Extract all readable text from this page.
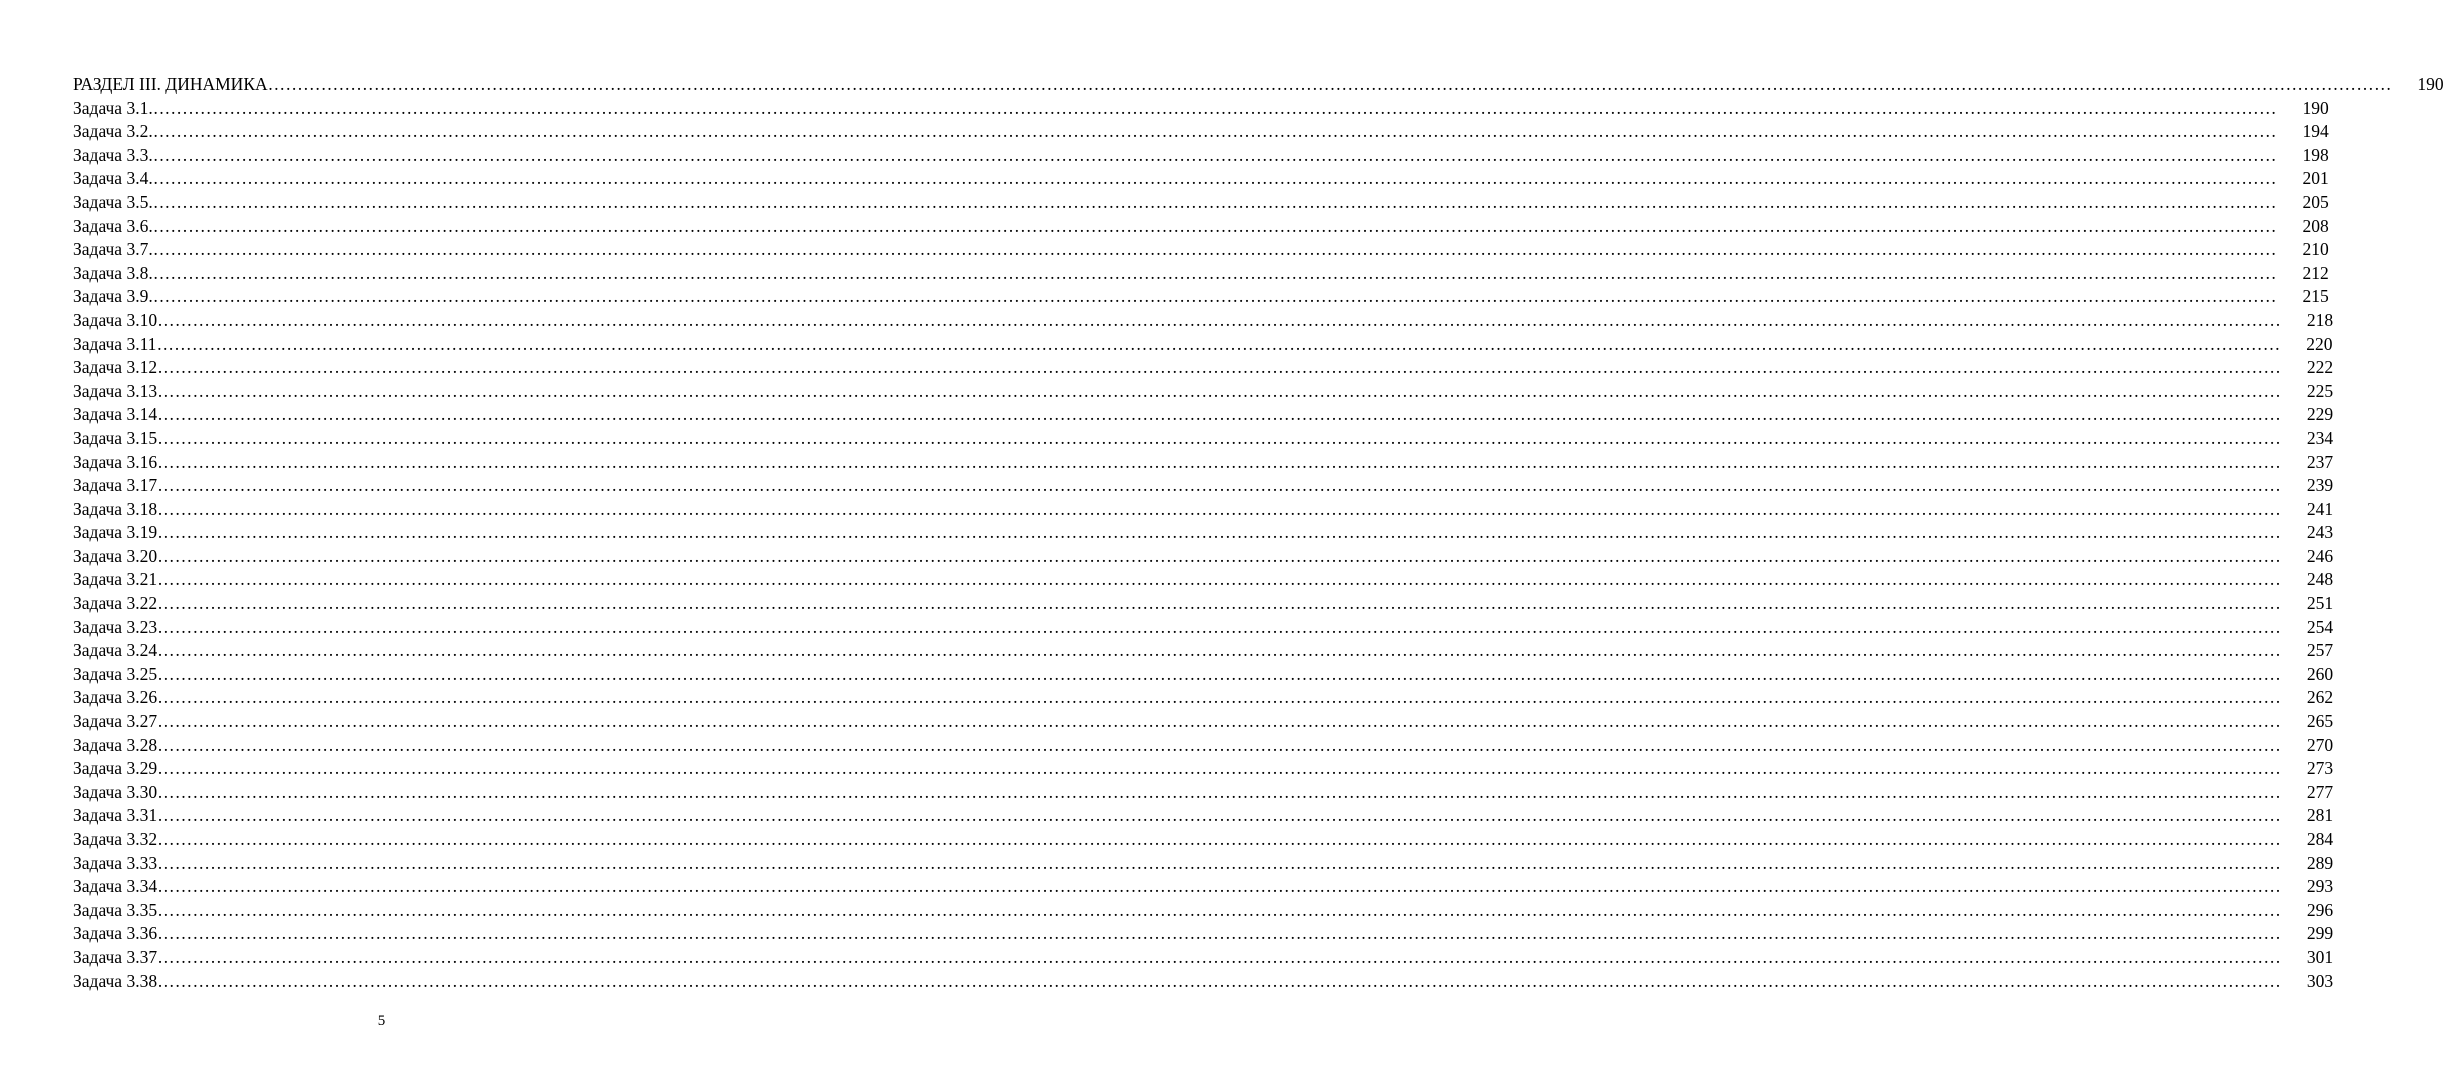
РАЗДЕЛ III. ДИНАМИКА ………………………………………………………………………………………………………………………………………………………………………………………………………………………………………………………………………………………………………………………………	190
Задача 3.1. ………………………………………………………………………………………………………………………………………………………………………………………………………………………………………………………………………………………………………………………………	190
Задача 3.2. ………………………………………………………………………………………………………………………………………………………………………………………………………………………………………………………………………………………………………………………………	194
Задача 3.3. ………………………………………………………………………………………………………………………………………………………………………………………………………………………………………………………………………………………………………………………………	198
Задача 3.4. ………………………………………………………………………………………………………………………………………………………………………………………………………………………………………………………………………………………………………………………………	201
Задача 3.5. ………………………………………………………………………………………………………………………………………………………………………………………………………………………………………………………………………………………………………………………………	205
Задача 3.6. ………………………………………………………………………………………………………………………………………………………………………………………………………………………………………………………………………………………………………………………………	208
Задача 3.7. ………………………………………………………………………………………………………………………………………………………………………………………………………………………………………………………………………………………………………………………………	210
Задача 3.8. ………………………………………………………………………………………………………………………………………………………………………………………………………………………………………………………………………………………………………………………………	212
Задача 3.9. ………………………………………………………………………………………………………………………………………………………………………………………………………………………………………………………………………………………………………………………………	215
Задача 3.10 ………………………………………………………………………………………………………………………………………………………………………………………………………………………………………………………………………………………………………………………………	218
Задача 3.11 ………………………………………………………………………………………………………………………………………………………………………………………………………………………………………………………………………………………………………………………………	220
Задача 3.12 ………………………………………………………………………………………………………………………………………………………………………………………………………………………………………………………………………………………………………………………………	222
Задача 3.13 ………………………………………………………………………………………………………………………………………………………………………………………………………………………………………………………………………………………………………………………………	225
Задача 3.14 ………………………………………………………………………………………………………………………………………………………………………………………………………………………………………………………………………………………………………………………………	229
Задача 3.15 ………………………………………………………………………………………………………………………………………………………………………………………………………………………………………………………………………………………………………………………………	234
Задача 3.16 ………………………………………………………………………………………………………………………………………………………………………………………………………………………………………………………………………………………………………………………………	237
Задача 3.17 ………………………………………………………………………………………………………………………………………………………………………………………………………………………………………………………………………………………………………………………………	239
Задача 3.18 ………………………………………………………………………………………………………………………………………………………………………………………………………………………………………………………………………………………………………………………………	241
Задача 3.19 ………………………………………………………………………………………………………………………………………………………………………………………………………………………………………………………………………………………………………………………………	243
Задача 3.20 ………………………………………………………………………………………………………………………………………………………………………………………………………………………………………………………………………………………………………………………………	246
Задача 3.21 ………………………………………………………………………………………………………………………………………………………………………………………………………………………………………………………………………………………………………………………………	248
Задача 3.22 ………………………………………………………………………………………………………………………………………………………………………………………………………………………………………………………………………………………………………………………………	251
Задача 3.23 ………………………………………………………………………………………………………………………………………………………………………………………………………………………………………………………………………………………………………………………………	254
Задача 3.24 ………………………………………………………………………………………………………………………………………………………………………………………………………………………………………………………………………………………………………………………………	257
Задача 3.25 ………………………………………………………………………………………………………………………………………………………………………………………………………………………………………………………………………………………………………………………………	260
Задача 3.26 ………………………………………………………………………………………………………………………………………………………………………………………………………………………………………………………………………………………………………………………………	262
Задача 3.27 ………………………………………………………………………………………………………………………………………………………………………………………………………………………………………………………………………………………………………………………………	265
Задача 3.28 ………………………………………………………………………………………………………………………………………………………………………………………………………………………………………………………………………………………………………………………………	270
Задача 3.29 ………………………………………………………………………………………………………………………………………………………………………………………………………………………………………………………………………………………………………………………………	273
Задача 3.30 ………………………………………………………………………………………………………………………………………………………………………………………………………………………………………………………………………………………………………………………………	277
Задача 3.31 ………………………………………………………………………………………………………………………………………………………………………………………………………………………………………………………………………………………………………………………………	281
Задача 3.32 ………………………………………………………………………………………………………………………………………………………………………………………………………………………………………………………………………………………………………………………………	284
Задача 3.33 ………………………………………………………………………………………………………………………………………………………………………………………………………………………………………………………………………………………………………………………………	289
Задача 3.34 ………………………………………………………………………………………………………………………………………………………………………………………………………………………………………………………………………………………………………………………………	293
Задача 3.35 ………………………………………………………………………………………………………………………………………………………………………………………………………………………………………………………………………………………………………………………………	296
Задача 3.36 ………………………………………………………………………………………………………………………………………………………………………………………………………………………………………………………………………………………………………………………………	299
Задача 3.37 ………………………………………………………………………………………………………………………………………………………………………………………………………………………………………………………………………………………………………………………………	301
Задача 3.38 ………………………………………………………………………………………………………………………………………………………………………………………………………………………………………………………………………………………………………………………………	303
5
